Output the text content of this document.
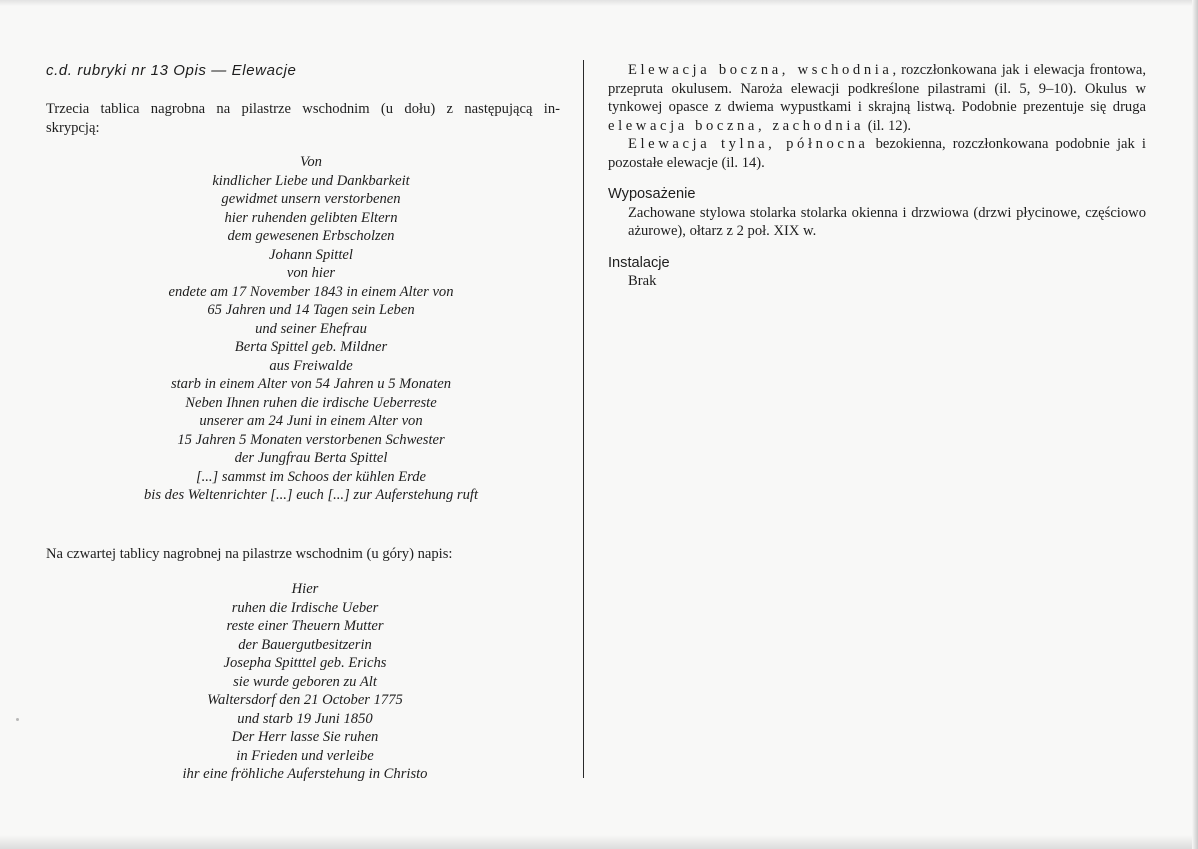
c.d. rubryki nr 13 Opis — Elewacje
Trzecia tablica nagrobna na pilastrze wschodnim (u dołu) z następującą in-
skrypcją:
Von
kindlicher Liebe und Dankbarkeit
gewidmet unsern verstorbenen
hier ruhenden gelibten Eltern
dem gewesenen Erbscholzen
Johann Spittel
von hier
endete am 17 November 1843 in einem Alter von
65 Jahren und 14 Tagen sein Leben
und seiner Ehefrau
Berta Spittel geb. Mildner
aus Freiwalde
starb in einem Alter von 54 Jahren u 5 Monaten
Neben Ihnen ruhen die irdische Ueberreste
unserer am 24 Juni in einem Alter von
15 Jahren 5 Monaten verstorbenen Schwester
der Jungfrau Berta Spittel
[...] sammst im Schoos der kühlen Erde
bis des Weltenrichter [...] euch [...] zur Auferstehung ruft
Na czwartej tablicy nagrobnej na pilastrze wschodnim (u góry) napis:
Hier
ruhen die Irdische Ueber
reste einer Theuern Mutter
der Bauergutbesitzerin
Josepha Spitttel geb. Erichs
sie wurde geboren zu Alt
Waltersdorf den 21 October 1775
und starb 19 Juni 1850
Der Herr lasse Sie ruhen
in Frieden und verleibe
ihr eine fröhliche Auferstehung in Christo

Elewacja boczna, wschodnia, rozczłonkowana jak i elewacja frontowa, przepruta okulusem. Naroża elewacji podkreślone pilastrami (il. 5, 9–10). Okulus w tynkowej opasce z dwiema wypustkami i skrajną listwą. Podobnie prezentuje się druga elewacja boczna, zachodnia (il. 12).

Elewacja tylna, północna bezokienna, rozczłonkowana podobnie jak i pozostałe elewacje (il. 14).

Wyposażenie
Zachowane stylowa stolarka stolarka okienna i drzwiowa (drzwi płycinowe, częściowo ażurowe), ołtarz z 2 poł. XIX w.
Instalacje
Brak
